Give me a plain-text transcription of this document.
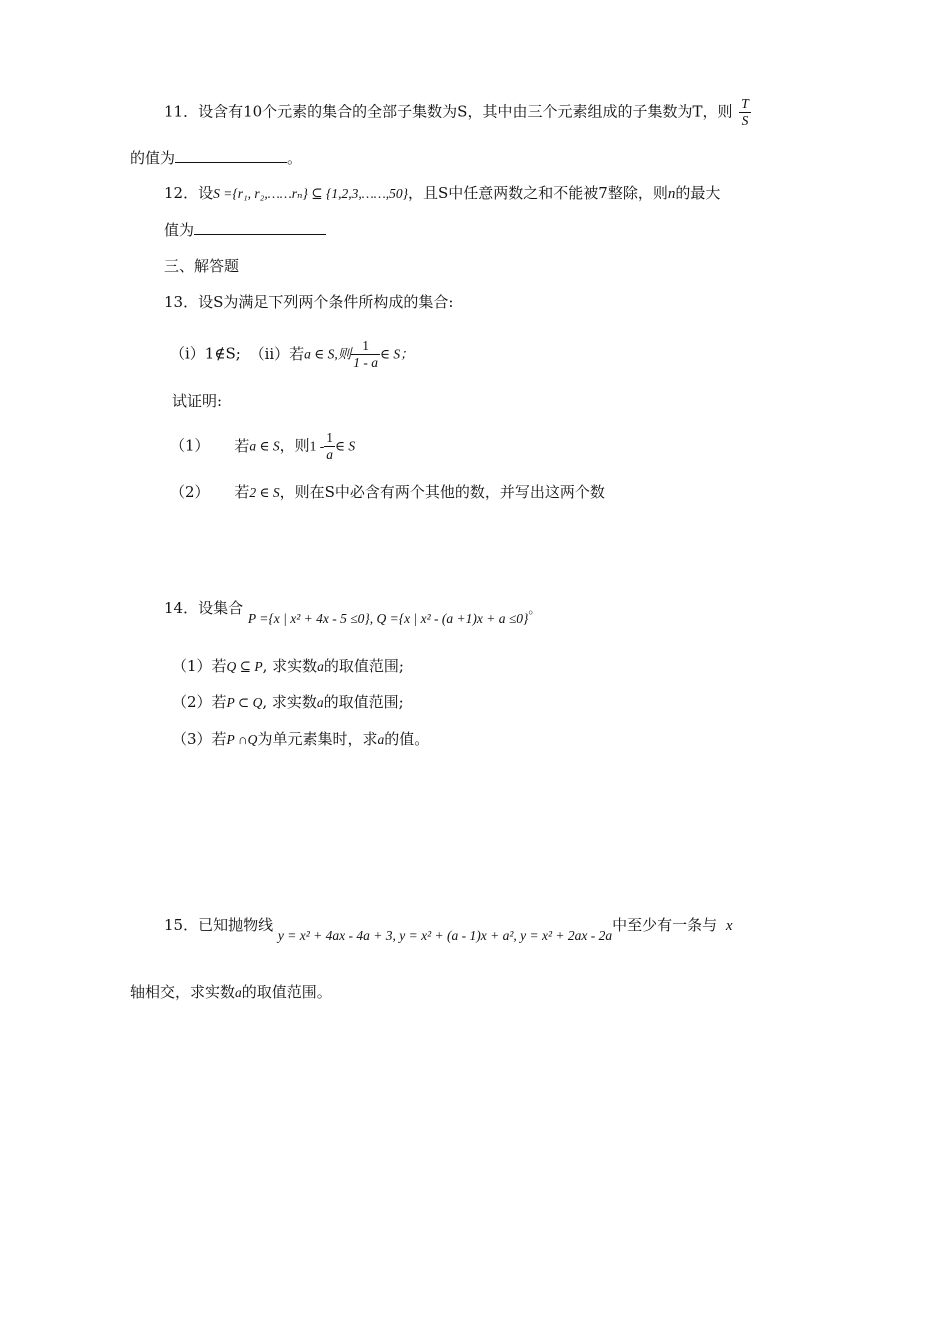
11．设含有10个元素的集合的全部子集数为S，其中由三个元素组成的子集数为T，则 $\frac{T}{S}$
的值为	。
12．设S ={r₁, r₂,……rₙ} ⊆ {1,2,3,……,50}，且S中任意两数之和不能被7整除，则n的最大
值为
三、解答题
13．设S为满足下列两个条件所构成的集合:
（i）1∉S; （ii）若a ∈ S,则 $\frac{1}{1 - a}$ ∈ S；
试证明:
（1） 若a ∈ S，则$1 - \frac{1}{a}$ ∈ S
（2） 若2 ∈ S，则在S中必含有两个其他的数，并写出这两个数
14．设集合 P ={x | x² + 4x - 5 ≤0}, Q ={x | x² - (a +1)x + a ≤0}。
（1）若Q ⊆ P, 求实数a的取值范围;
（2）若P ⊂ Q, 求实数a的取值范围;
（3）若P ∩Q为单元素集时，求a的值。
15．已知抛物线 y = x² + 4ax - 4a + 3, y = x² + (a - 1)x + a², y = x² + 2ax - 2a中至少有一条与 x
轴相交，求实数a的取值范围。
